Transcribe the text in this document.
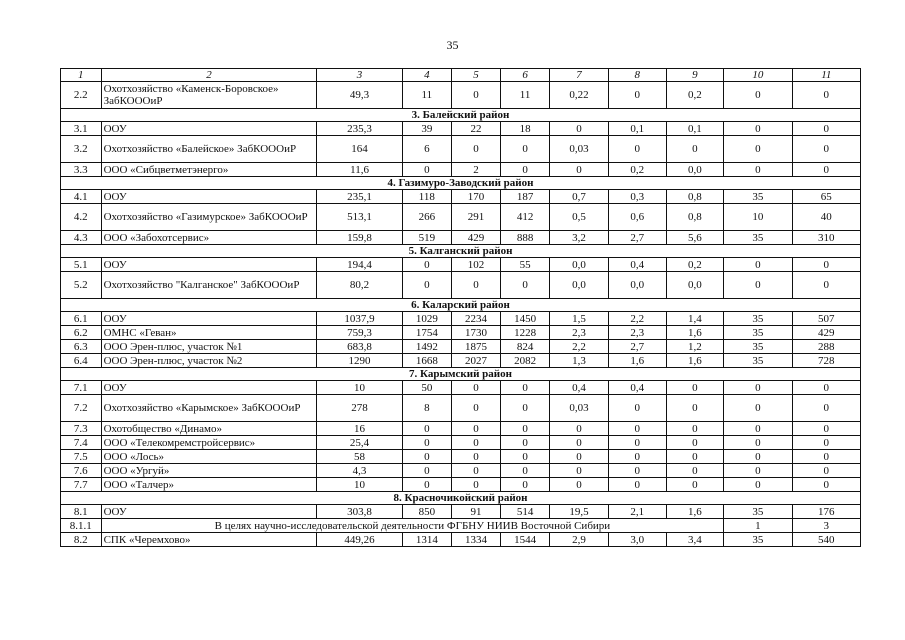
35
1	2	3	4	5	6	7	8	9	10	11
2.2	Охотхозяйство «Каменск-Боровское» ЗабКОООиР	49,3	11	0	11	0,22	0	0,2	0	0
3. Балейский район										
3.1	ООУ	235,3	39	22	18	0	0,1	0,1	0	0
3.2	Охотхозяйство «Балейское» ЗабКОООиР	164	6	0	0	0,03	0	0	0	0
3.3	ООО «Сибцветметэнерго»	11,6	0	2	0	0	0,2	0,0	0	0
4. Газимуро-Заводский район										
4.1	ООУ	235,1	118	170	187	0,7	0,3	0,8	35	65
4.2	Охотхозяйство «Газимурское» ЗабКОООиР	513,1	266	291	412	0,5	0,6	0,8	10	40
4.3	ООО «Забохотсервис»	159,8	519	429	888	3,2	2,7	5,6	35	310
5. Калганский район										
5.1	ООУ	194,4	0	102	55	0,0	0,4	0,2	0	0
5.2	Охотхозяйство "Калганское" ЗабКОООиР	80,2	0	0	0	0,0	0,0	0,0	0	0
6. Каларский район										
6.1	ООУ	1037,9	1029	2234	1450	1,5	2,2	1,4	35	507
6.2	ОМНС «Геван»	759,3	1754	1730	1228	2,3	2,3	1,6	35	429
6.3	ООО Эрен-плюс, участок №1	683,8	1492	1875	824	2,2	2,7	1,2	35	288
6.4	ООО Эрен-плюс, участок №2	1290	1668	2027	2082	1,3	1,6	1,6	35	728
7. Карымский район										
7.1	ООУ	10	50	0	0	0,4	0,4	0	0	0
7.2	Охотхозяйство «Карымское» ЗабКОООиР	278	8	0	0	0,03	0	0	0	0
7.3	Охотобщество «Динамо»	16	0	0	0	0	0	0	0	0
7.4	ООО «Телекомремстройсервис»	25,4	0	0	0	0	0	0	0	0
7.5	ООО «Лось»	58	0	0	0	0	0	0	0	0
7.6	ООО «Ургуй»	4,3	0	0	0	0	0	0	0	0
7.7	ООО «Талчер»	10	0	0	0	0	0	0	0	0
8. Красночикойский район										
8.1	ООУ	303,8	850	91	514	19,5	2,1	1,6	35	176
8.1.1	В целях научно-исследовательской деятельности ФГБНУ НИИВ Восточной Сибири								1	3
8.2	СПК «Черемхово»	449,26	1314	1334	1544	2,9	3,0	3,4	35	540
